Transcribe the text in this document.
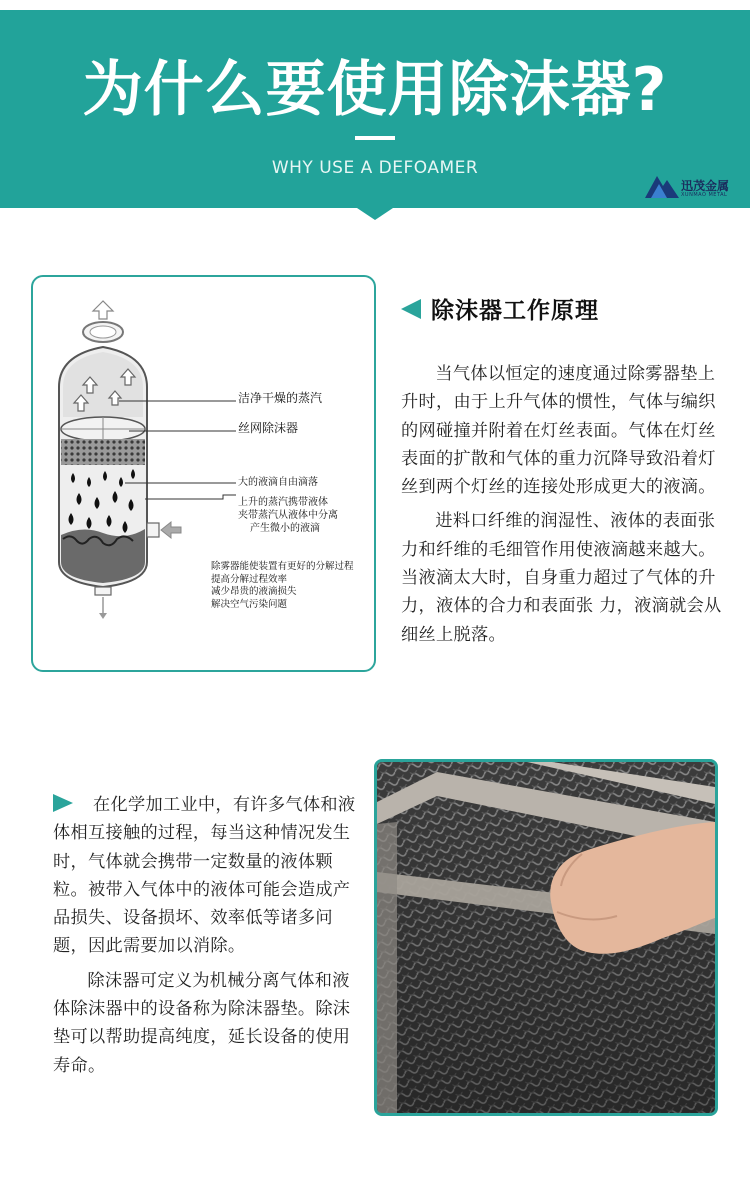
为什么要使用除沫器?
WHY USE A DEFOAMER
迅茂金属
XUNMAO METAL
洁净干燥的蒸汽
丝网除沫器
大的液滴自由滴落
上升的蒸汽携带液体
夹带蒸汽从液体中分离
产生微小的液滴
除雾器能使装置有更好的分解过程
提高分解过程效率
减少昂贵的液滴损失
解决空气污染问题
除沫器工作原理

当气体以恒定的速度通过除雾器垫上升时，由于上升气体的惯性，气体与编织的网碰撞并附着在灯丝表面。气体在灯丝表面的扩散和气体的重力沉降导致沿着灯丝到两个灯丝的连接处形成更大的液滴。

进料口纤维的润湿性、液体的表面张力和纤维的毛细管作用使液滴越来越大。当液滴太大时，自身重力超过了气体的升力，液体的合力和表面张 力，液滴就会从细丝上脱落。

在化学加工业中，有许多气体和液体相互接触的过程，每当这种情况发生时，气体就会携带一定数量的液体颗粒。被带入气体中的液体可能会造成产品损失、设备损坏、效率低等诸多问题，因此需要加以消除。

除沫器可定义为机械分离气体和液体除沫器中的设备称为除沫器垫。除沫垫可以帮助提高纯度，延长设备的使用寿命。
